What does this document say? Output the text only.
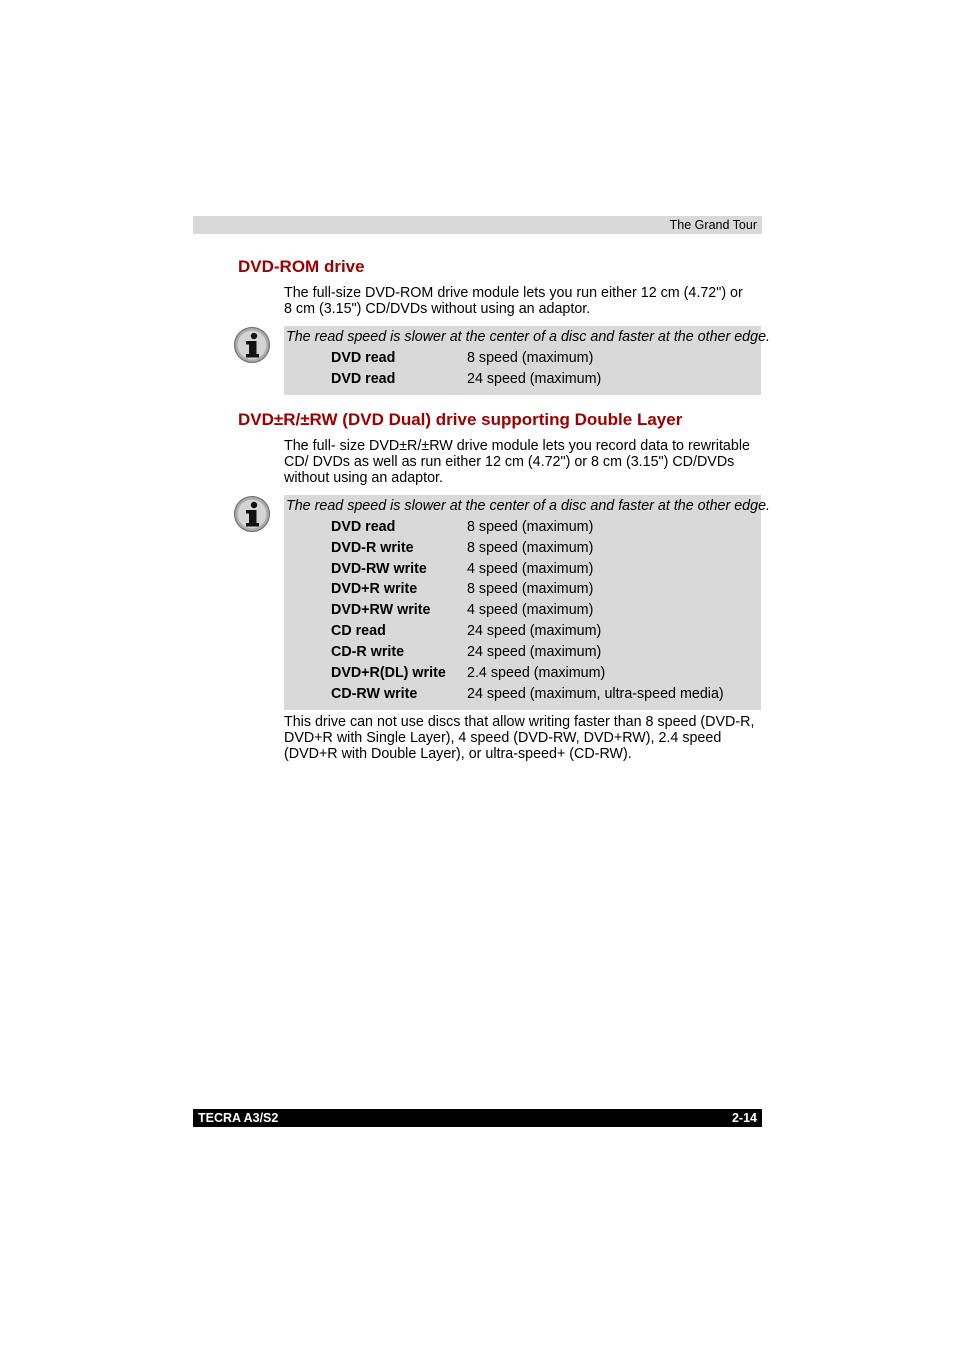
The Grand Tour
DVD-ROM drive
The full-size DVD-ROM drive module lets you run either 12 cm (4.72") or
8 cm (3.15") CD/DVDs without using an adaptor.
The read speed is slower at the center of a disc and faster at the other edge.
DVD read	8 speed (maximum)
DVD read	24 speed (maximum)
DVD±R/±RW (DVD Dual) drive supporting Double Layer
The full- size DVD±R/±RW drive module lets you record data to rewritable
CD/ DVDs as well as run either 12 cm (4.72") or 8 cm (3.15") CD/DVDs
without using an adaptor.
The read speed is slower at the center of a disc and faster at the other edge.
DVD read	8 speed (maximum)
DVD-R write	8 speed (maximum)
DVD-RW write	4 speed (maximum)
DVD+R write	8 speed (maximum)
DVD+RW write	4 speed (maximum)
CD read	24 speed (maximum)
CD-R write	24 speed (maximum)
DVD+R(DL) write 2.4 speed (maximum)
CD-RW write	24 speed (maximum, ultra-speed media)
This drive can not use discs that allow writing faster than 8 speed (DVD-R,
DVD+R with Single Layer), 4 speed (DVD-RW, DVD+RW), 2.4 speed
(DVD+R with Double Layer), or ultra-speed+ (CD-RW).
TECRA A3/S2	2-14
